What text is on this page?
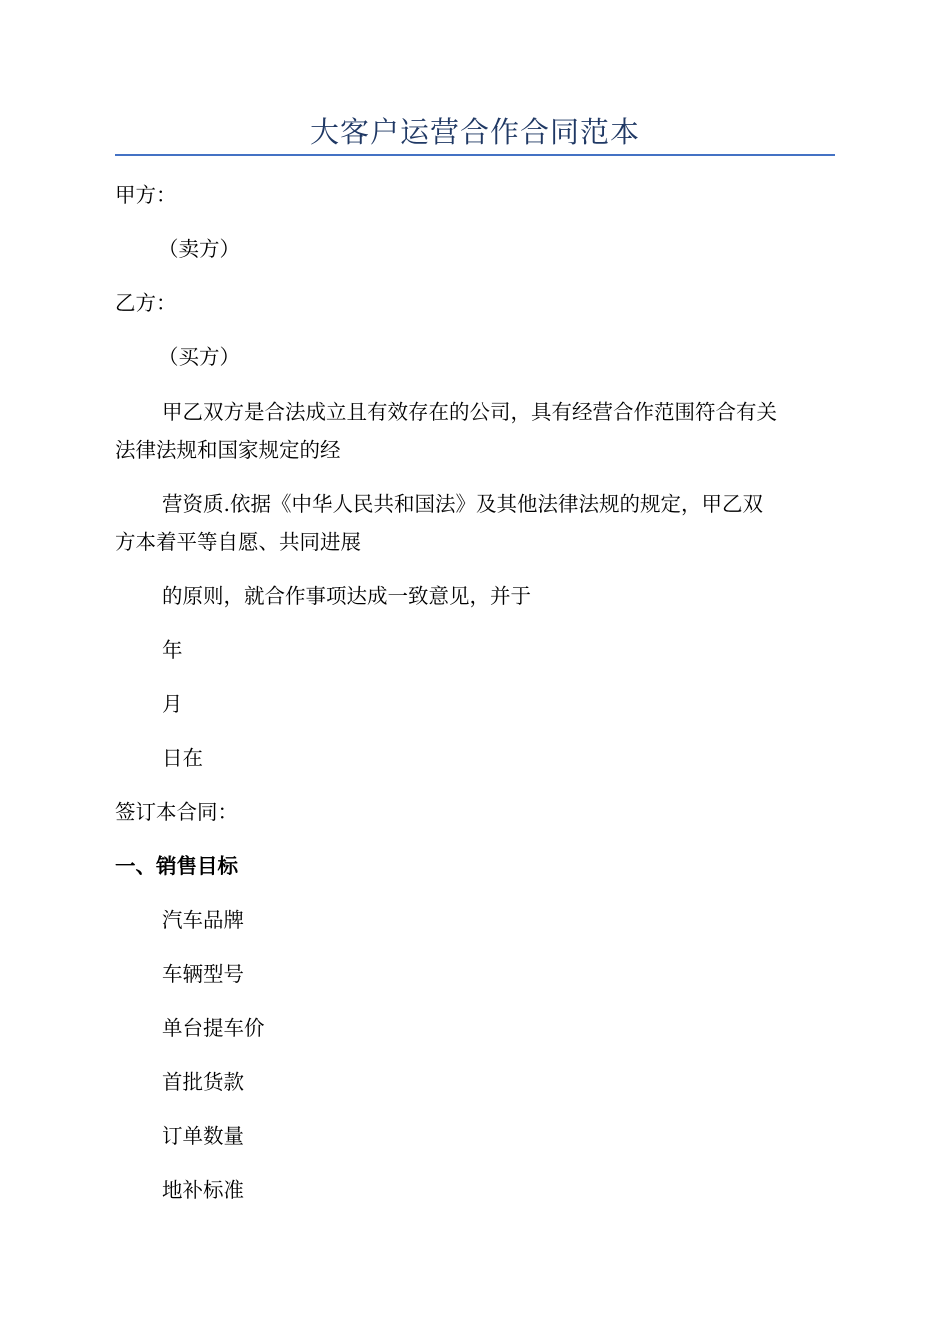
大客户运营合作合同范本
甲方：
（卖方）
乙方：
（买方）
甲乙双方是合法成立且有效存在的公司，具有经营合作范围符合有关
法律法规和国家规定的经
营资质.依据《中华人民共和国法》及其他法律法规的规定，甲乙双
方本着平等自愿、共同进展
的原则，就合作事项达成一致意见，并于
年
月
日在
签订本合同：
一、销售目标
汽车品牌
车辆型号
单台提车价
首批货款
订单数量
地补标准
